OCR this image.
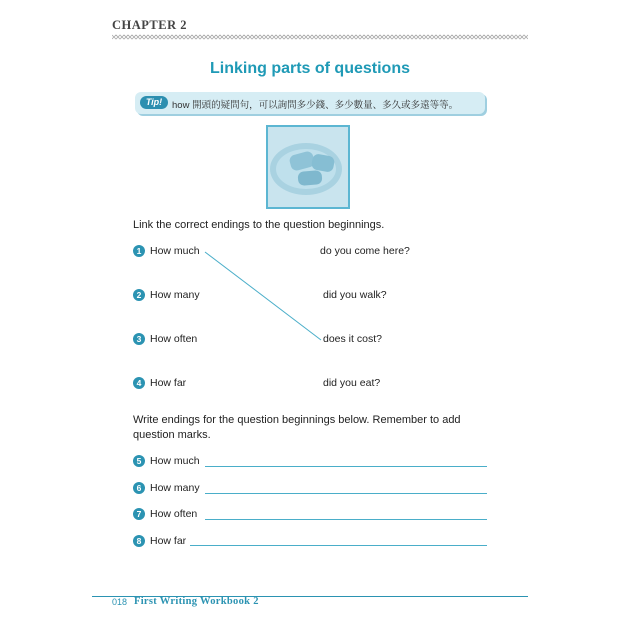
CHAPTER 2
Linking parts of questions
Tip!	how 開頭的疑問句，可以詢問多少錢、多少數量、多久或多遠等等。
Link the correct endings to the question beginnings.
1 How much	do you come here?
2 How many	did you walk?
3 How often	does it cost?
4 How far	did you eat?
Write endings for the question beginnings below. Remember to add
question marks.
5 How much
6 How many
7 How often
8 How far
018 First Writing Workbook 2
